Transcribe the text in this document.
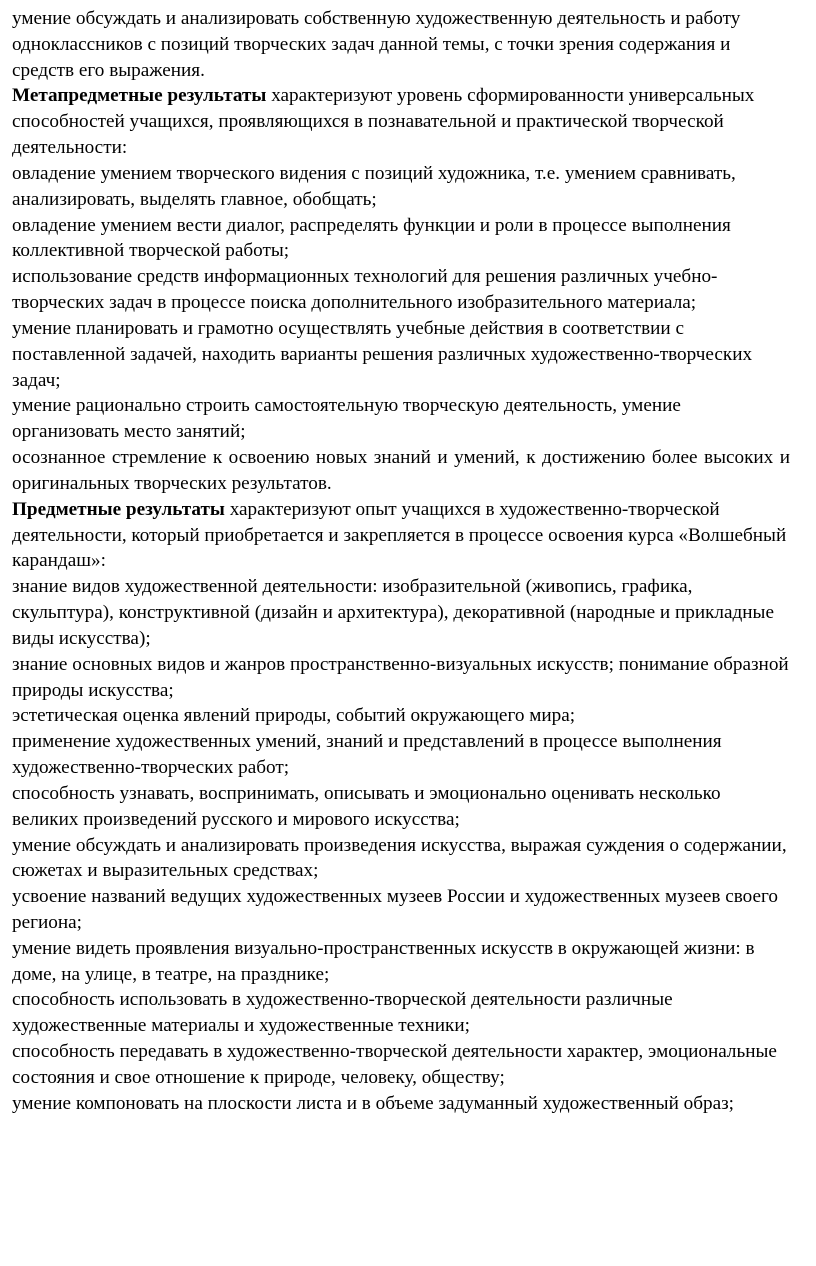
умение обсуждать и анализировать собственную художественную деятельность и работу одноклассников с позиций творческих задач данной темы, с точки зрения содержания и средств его выражения.

Метапредметные результаты характеризуют уровень сформированности универсальных способностей учащихся, проявляющихся в познавательной и практической творческой деятельности:

овладение умением творческого видения с позиций художника, т.е. умением сравнивать, анализировать, выделять главное, обобщать;

овладение умением вести диалог, распределять функции и роли в процессе выполнения коллективной творческой работы;

использование средств информационных технологий для решения различных учебно-творческих задач в процессе поиска дополнительного изобразительного материала;

умение планировать и грамотно осуществлять учебные действия в соответствии с поставленной задачей, находить варианты решения различных художественно-творческих задач;

умение рационально строить самостоятельную творческую деятельность, умение организовать место занятий;

осознанное стремление к освоению новых знаний и умений, к достижению более высоких и оригинальных творческих результатов.

Предметные результаты характеризуют опыт учащихся в художественно-творческой деятельности, который приобретается и закрепляется в процессе освоения курса «Волшебный карандаш»:

знание видов художественной деятельности: изобразительной (живопись, графика, скульптура), конструктивной (дизайн и архитектура), декоративной (народные и прикладные виды искусства);

знание основных видов и жанров пространственно-визуальных искусств; понимание образной природы искусства;

эстетическая оценка явлений природы, событий окружающего мира;

применение художественных умений, знаний и представлений в процессе выполнения художественно-творческих работ;

способность узнавать, воспринимать, описывать и эмоционально оценивать несколько великих произведений русского и мирового искусства;

умение обсуждать и анализировать произведения искусства, выражая суждения о содержании, сюжетах и выразительных средствах;

усвоение названий ведущих художественных музеев России и художественных музеев своего региона;

умение видеть проявления визуально-пространственных искусств в окружающей жизни: в доме, на улице, в театре, на празднике;

способность использовать в художественно-творческой деятельности различные художественные материалы и художественные техники;

способность передавать в художественно-творческой деятельности характер, эмоциональные состояния и свое отношение к природе, человеку, обществу;

умение компоновать на плоскости листа и в объеме задуманный художественный образ;
